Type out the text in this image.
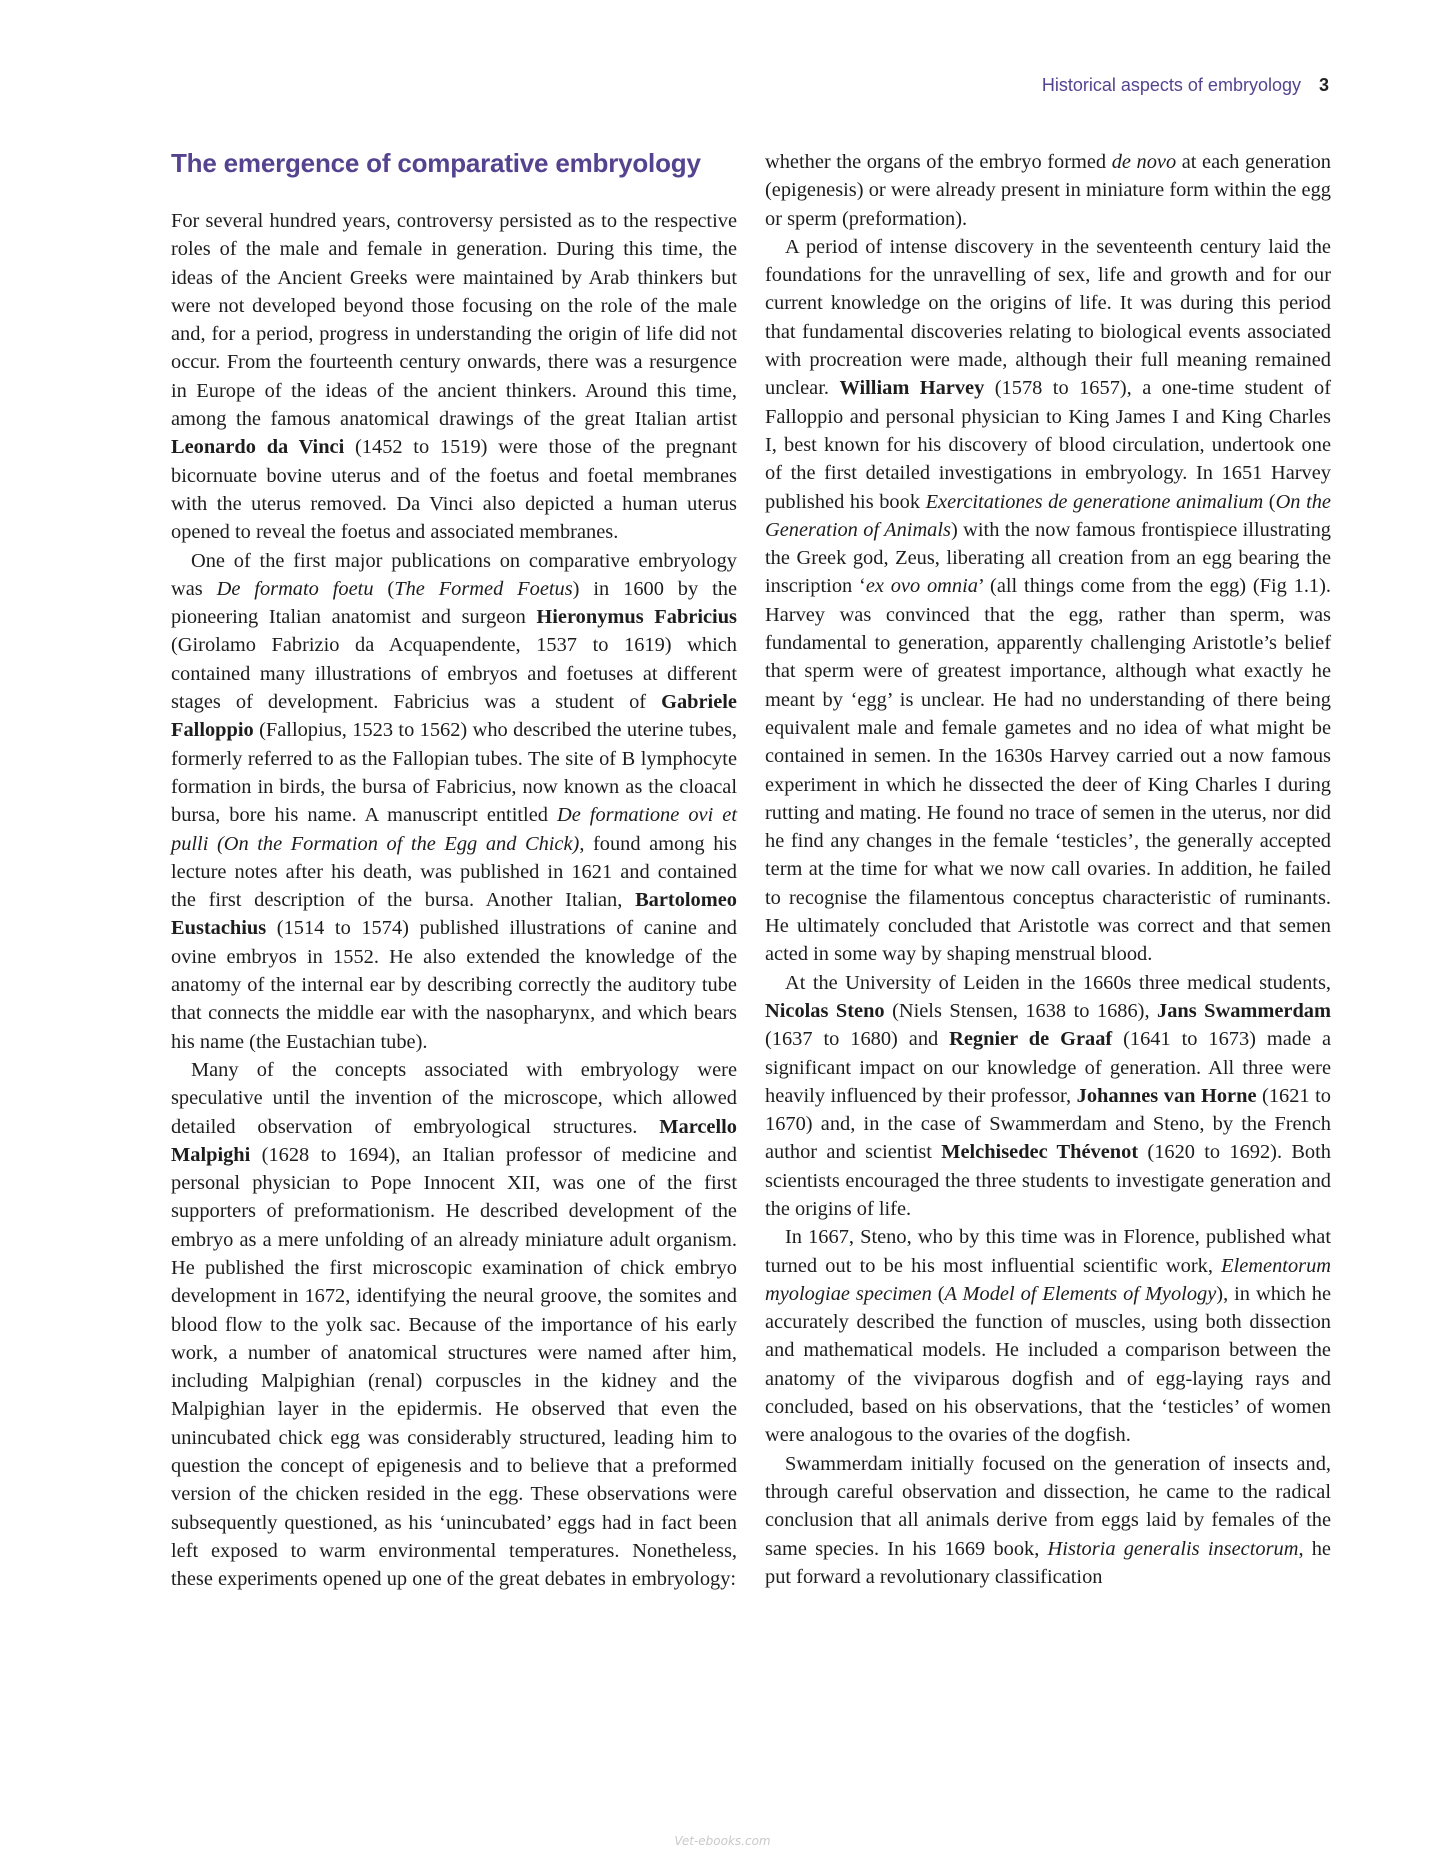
Historical aspects of embryology 3
The emergence of comparative embryology

For several hundred years, controversy persisted as to the respective roles of the male and female in generation. During this time, the ideas of the Ancient Greeks were maintained by Arab thinkers but were not developed beyond those focusing on the role of the male and, for a period, progress in understanding the origin of life did not occur. From the fourteenth century onwards, there was a resurgence in Europe of the ideas of the ancient thinkers. Around this time, among the famous anatomical drawings of the great Italian artist Leonardo da Vinci (1452 to 1519) were those of the pregnant bicornuate bovine uterus and of the foetus and foetal membranes with the uterus removed. Da Vinci also depicted a human uterus opened to reveal the foetus and associated membranes.

One of the first major publications on comparative embryology was De formato foetu (The Formed Foetus) in 1600 by the pioneering Italian anatomist and surgeon Hieronymus Fabricius (Girolamo Fabrizio da Acquapendente, 1537 to 1619) which contained many illustrations of embryos and foetuses at different stages of development. Fabricius was a student of Gabriele Falloppio (Fallopius, 1523 to 1562) who described the uterine tubes, formerly referred to as the Fallopian tubes. The site of B lymphocyte formation in birds, the bursa of Fabricius, now known as the cloacal bursa, bore his name. A manuscript entitled De formatione ovi et pulli (On the Formation of the Egg and Chick), found among his lecture notes after his death, was published in 1621 and contained the first description of the bursa. Another Italian, Bartolomeo Eustachius (1514 to 1574) published illustrations of canine and ovine embryos in 1552. He also extended the knowledge of the anatomy of the internal ear by describing correctly the auditory tube that connects the middle ear with the nasopharynx, and which bears his name (the Eustachian tube).

Many of the concepts associated with embryology were speculative until the invention of the microscope, which allowed detailed observation of embryological structures. Marcello Malpighi (1628 to 1694), an Italian professor of medicine and personal physician to Pope Innocent XII, was one of the first supporters of preformationism. He described development of the embryo as a mere unfolding of an already miniature adult organism. He published the first microscopic examination of chick embryo development in 1672, identifying the neural groove, the somites and blood flow to the yolk sac. Because of the importance of his early work, a number of anatomical structures were named after him, including Malpighian (renal) corpuscles in the kidney and the Malpighian layer in the epidermis. He observed that even the unincubated chick egg was considerably structured, leading him to question the concept of epigenesis and to believe that a preformed version of the chicken resided in the egg. These observations were subsequently questioned, as his ‘unincubated’ eggs had in fact been left exposed to warm environmental temperatures. Nonetheless, these experiments opened up one of the great debates in embryology:

whether the organs of the embryo formed de novo at each generation (epigenesis) or were already present in miniature form within the egg or sperm (preformation).

A period of intense discovery in the seventeenth century laid the foundations for the unravelling of sex, life and growth and for our current knowledge on the origins of life. It was during this period that fundamental discoveries relating to biological events associated with procreation were made, although their full meaning remained unclear. William Harvey (1578 to 1657), a one-time student of Falloppio and personal physician to King James I and King Charles I, best known for his discovery of blood circulation, undertook one of the first detailed investigations in embryology. In 1651 Harvey published his book Exercitationes de generatione animalium (On the Generation of Animals) with the now famous frontispiece illustrating the Greek god, Zeus, liberating all creation from an egg bearing the inscription ‘ex ovo omnia’ (all things come from the egg) (Fig 1.1). Harvey was convinced that the egg, rather than sperm, was fundamental to generation, apparently challenging Aristotle’s belief that sperm were of greatest importance, although what exactly he meant by ‘egg’ is unclear. He had no understanding of there being equivalent male and female gametes and no idea of what might be contained in semen. In the 1630s Harvey carried out a now famous experiment in which he dissected the deer of King Charles I during rutting and mating. He found no trace of semen in the uterus, nor did he find any changes in the female ‘testicles’, the generally accepted term at the time for what we now call ovaries. In addition, he failed to recognise the filamentous conceptus characteristic of ruminants. He ultimately concluded that Aristotle was correct and that semen acted in some way by shaping menstrual blood.

At the University of Leiden in the 1660s three medical students, Nicolas Steno (Niels Stensen, 1638 to 1686), Jans Swammerdam (1637 to 1680) and Regnier de Graaf (1641 to 1673) made a significant impact on our knowledge of generation. All three were heavily influenced by their professor, Johannes van Horne (1621 to 1670) and, in the case of Swammerdam and Steno, by the French author and scientist Melchisedec Thévenot (1620 to 1692). Both scientists encouraged the three students to investigate generation and the origins of life.

In 1667, Steno, who by this time was in Florence, published what turned out to be his most influential scientific work, Elementorum myologiae specimen (A Model of Elements of Myology), in which he accurately described the function of muscles, using both dissection and mathematical models. He included a comparison between the anatomy of the viviparous dogfish and of egg-laying rays and concluded, based on his observations, that the ‘testicles’ of women were analogous to the ovaries of the dogfish.

Swammerdam initially focused on the generation of insects and, through careful observation and dissection, he came to the radical conclusion that all animals derive from eggs laid by females of the same species. In his 1669 book, Historia generalis insectorum, he put forward a revolutionary classification

Vet-ebooks.com
